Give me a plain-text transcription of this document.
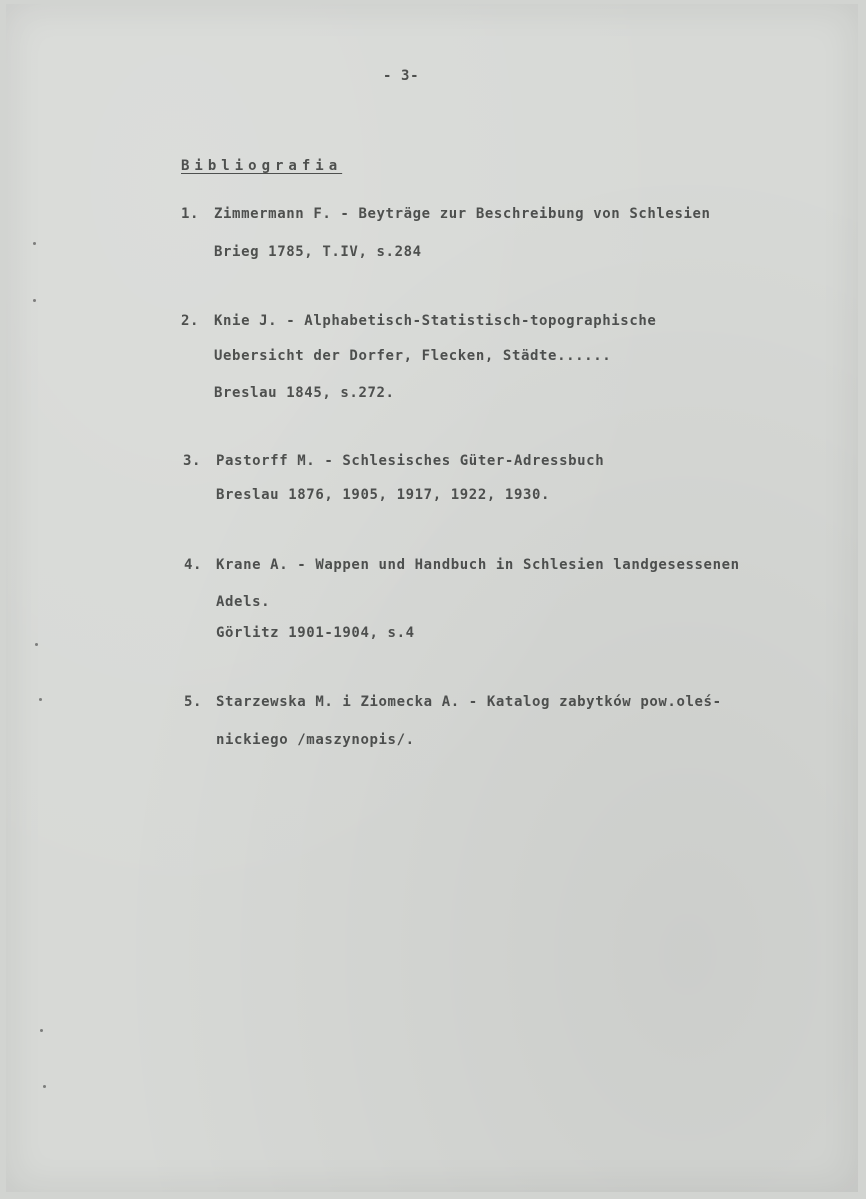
- 3-
Bibliografia
1. Zimmermann F. - Beyträge zur Beschreibung von Schlesien
Brieg 1785, T.IV, s.284
2. Knie J. - Alphabetisch-Statistisch-topographische
Uebersicht der Dorfer, Flecken, Städte......
Breslau 1845, s.272.
3. Pastorff M. - Schlesisches Güter-Adressbuch
Breslau 1876, 1905, 1917, 1922, 1930.
4. Krane A. - Wappen und Handbuch in Schlesien landgesessenen
Adels.
Görlitz 1901-1904, s.4
5. Starzewska M. i Ziomecka A. - Katalog zabytków pow.oleś-
nickiego /maszynopis/.
